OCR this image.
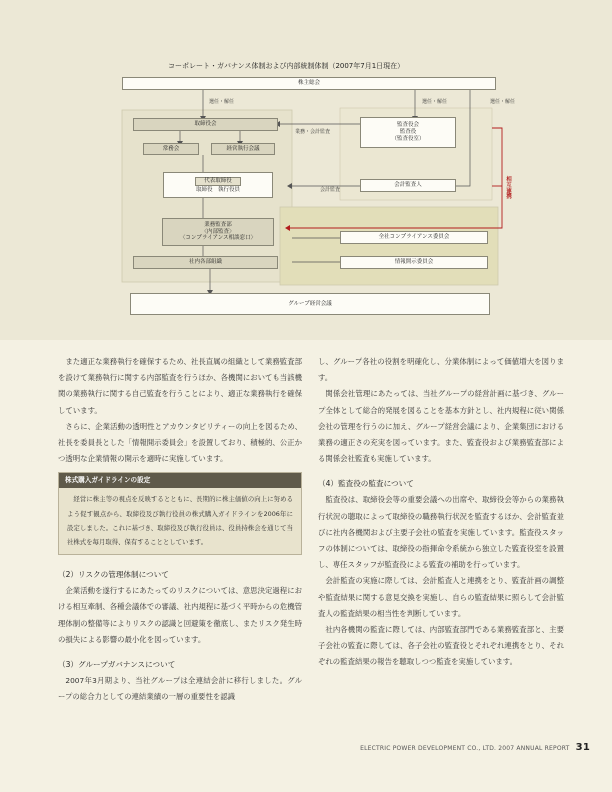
コーポレート・ガバナンス体制および内部統制体制（2007年7月1日現在）
株主総会
選任・解任	選任・解任	選任・解任
取締役会
業務・会計監査
監査役会
監査役
（監査役室）
常務会	経営執行会議
代表取締役
取締役　執行役員	会計監査
会計監査人
相互連携
業務監査部
〈内部監査〉
〈コンプライアンス相談窓口〉	全社コンプライアンス委員会
社内各部組織	情報開示委員会
グループ経営会議

また適正な業務執行を確保するため、社長直属の組織として業務監査部を設けて業務執行に関する内部監査を行うほか、各機関においても当該機関の業務執行に関する自己監査を行うことにより、適正な業務執行を確保しています。

さらに、企業活動の透明性とアカウンタビリティーの向上を図るため、社長を委員長とした「情報開示委員会」を設置しており、積極的、公正かつ透明な企業情報の開示を適時に実施しています。

株式購入ガイドラインの設定
経営に株主等の視点を反映するとともに、長期的に株主価値の向上に努めるよう促す観点から、取締役及び執行役員の株式購入ガイドラインを2006年に設定しました。これに基づき、取締役及び執行役員は、役員持株会を通じて当社株式を毎月取得、保有することとしています。
（2）リスクの管理体制について

企業活動を遂行するにあたってのリスクについては、意思決定過程における相互牽制、各種会議体での審議、社内規程に基づく平時からの危機管理体制の整備等によりリスクの認識と回避策を徹底し、またリスク発生時の損失による影響の最小化を図っています。

（3）グループガバナンスについて

2007年3月期より、当社グループは全連結会計に移行しました。グループの総合力としての連結業績の一層の重要性を認識

し、グループ各社の役割を明確化し、分業体制によって価値増大を図ります。

関係会社管理にあたっては、当社グループの経営計画に基づき、グループ全体として総合的発展を図ることを基本方針とし、社内規程に従い関係会社の管理を行うのに加え、グループ経営会議により、企業集団における業務の適正さの充実を図っています。また、監査役および業務監査部による関係会社監査も実施しています。

（4）監査役の監査について

監査役は、取締役会等の重要会議への出席や、取締役会等からの業務執行状況の聴取によって取締役の職務執行状況を監査するほか、会計監査並びに社内各機関および主要子会社の監査を実施しています。監査役スタッフの体制については、取締役の指揮命令系統から独立した監査役室を設置し、専任スタッフが監査役による監査の補助を行っています。

会計監査の実施に際しては、会計監査人と連携をとり、監査計画の調整や監査結果に関する意見交換を実施し、自らの監査結果に照らして会計監査人の監査結果の相当性を判断しています。

社内各機関の監査に際しては、内部監査部門である業務監査部と、主要子会社の監査に際しては、各子会社の監査役とそれぞれ連携をとり、それぞれの監査結果の報告を聴取しつつ監査を実施しています。

ELECTRIC POWER DEVELOPMENT CO., LTD. 2007 ANNUAL REPORT 31
